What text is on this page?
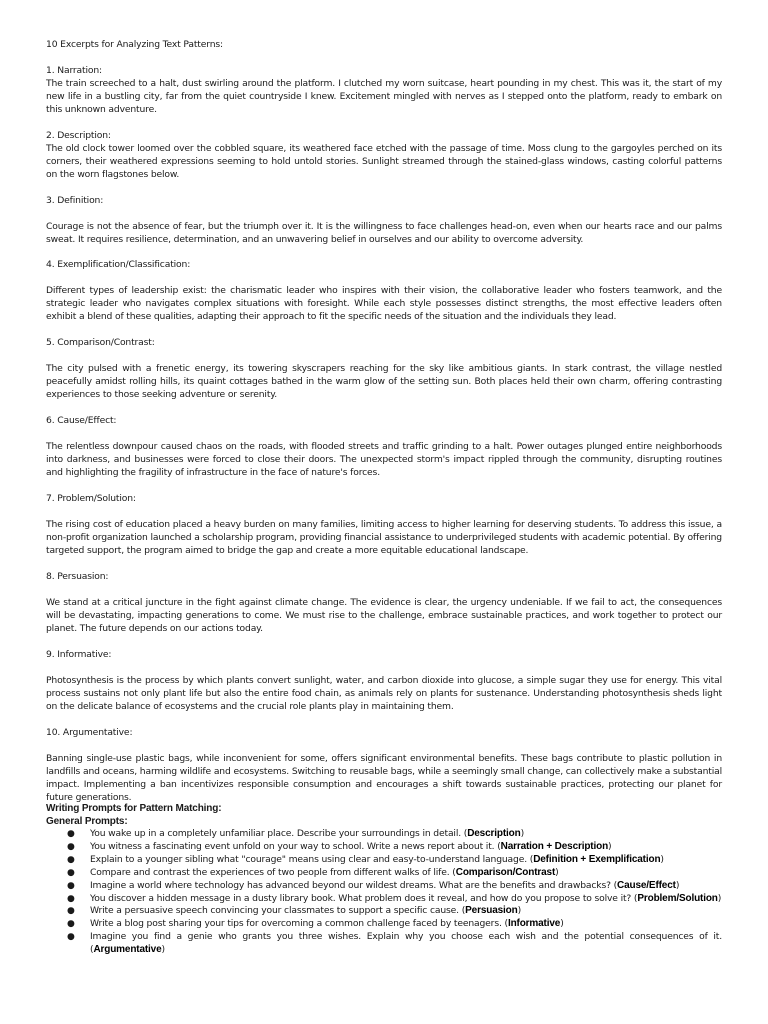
10 Excerpts for Analyzing Text Patterns:

1. Narration:
The train screeched to a halt, dust swirling around the platform. I clutched my worn suitcase, heart pounding in my chest. This was it, the start of my new life in a bustling city, far from the quiet countryside I knew. Excitement mingled with nerves as I stepped onto the platform, ready to embark on this unknown adventure.
2. Description:
The old clock tower loomed over the cobbled square, its weathered face etched with the passage of time. Moss clung to the gargoyles perched on its corners, their weathered expressions seeming to hold untold stories. Sunlight streamed through the stained-glass windows, casting colorful patterns on the worn flagstones below.
3. Definition:
Courage is not the absence of fear, but the triumph over it. It is the willingness to face challenges head-on, even when our hearts race and our palms sweat. It requires resilience, determination, and an unwavering belief in ourselves and our ability to overcome adversity.
4. Exemplification/Classification:
Different types of leadership exist: the charismatic leader who inspires with their vision, the collaborative leader who fosters teamwork, and the strategic leader who navigates complex situations with foresight. While each style possesses distinct strengths, the most effective leaders often exhibit a blend of these qualities, adapting their approach to fit the specific needs of the situation and the individuals they lead.
5. Comparison/Contrast:
The city pulsed with a frenetic energy, its towering skyscrapers reaching for the sky like ambitious giants. In stark contrast, the village nestled peacefully amidst rolling hills, its quaint cottages bathed in the warm glow of the setting sun. Both places held their own charm, offering contrasting experiences to those seeking adventure or serenity.
6. Cause/Effect:
The relentless downpour caused chaos on the roads, with flooded streets and traffic grinding to a halt. Power outages plunged entire neighborhoods into darkness, and businesses were forced to close their doors. The unexpected storm's impact rippled through the community, disrupting routines and highlighting the fragility of infrastructure in the face of nature's forces.
7. Problem/Solution:
The rising cost of education placed a heavy burden on many families, limiting access to higher learning for deserving students. To address this issue, a non-profit organization launched a scholarship program, providing financial assistance to underprivileged students with academic potential. By offering targeted support, the program aimed to bridge the gap and create a more equitable educational landscape.
8. Persuasion:
We stand at a critical juncture in the fight against climate change. The evidence is clear, the urgency undeniable. If we fail to act, the consequences will be devastating, impacting generations to come. We must rise to the challenge, embrace sustainable practices, and work together to protect our planet. The future depends on our actions today.
9. Informative:
Photosynthesis is the process by which plants convert sunlight, water, and carbon dioxide into glucose, a simple sugar they use for energy. This vital process sustains not only plant life but also the entire food chain, as animals rely on plants for sustenance. Understanding photosynthesis sheds light on the delicate balance of ecosystems and the crucial role plants play in maintaining them.
10. Argumentative:
Banning single-use plastic bags, while inconvenient for some, offers significant environmental benefits. These bags contribute to plastic pollution in landfills and oceans, harming wildlife and ecosystems. Switching to reusable bags, while a seemingly small change, can collectively make a substantial impact. Implementing a ban incentivizes responsible consumption and encourages a shift towards sustainable practices, protecting our planet for future generations.

Writing Prompts for Pattern Matching:

General Prompts:

● You wake up in a completely unfamiliar place. Describe your surroundings in detail. (Description)
● You witness a fascinating event unfold on your way to school. Write a news report about it. (Narration + Description)
● Explain to a younger sibling what "courage" means using clear and easy-to-understand language. (Definition + Exemplification)
● Compare and contrast the experiences of two people from different walks of life. (Comparison/Contrast)
● Imagine a world where technology has advanced beyond our wildest dreams. What are the benefits and drawbacks? (Cause/Effect)
● You discover a hidden message in a dusty library book. What problem does it reveal, and how do you propose to solve it? (Problem/Solution)
● Write a persuasive speech convincing your classmates to support a specific cause. (Persuasion)
● Write a blog post sharing your tips for overcoming a common challenge faced by teenagers. (Informative)
● Imagine you find a genie who grants you three wishes. Explain why you choose each wish and the potential consequences of it. (Argumentative)
